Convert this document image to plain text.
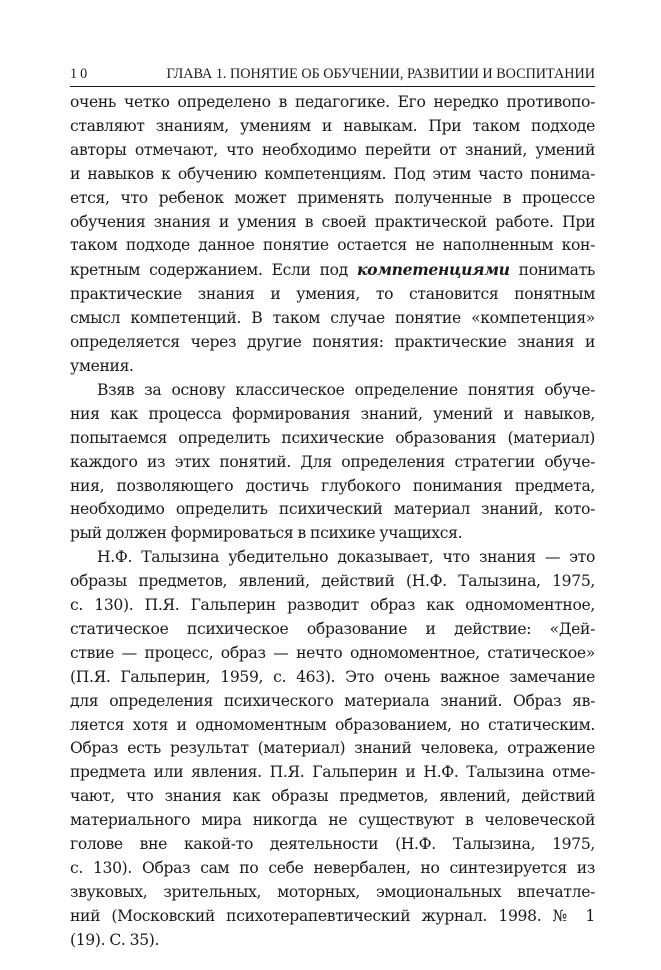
10	ГЛАВА 1. ПОНЯТИЕ ОБ ОБУЧЕНИИ, РАЗВИТИИ И ВОСПИТАНИИ
очень четко определено в педагогике. Его нередко противопо-
ставляют знаниям, умениям и навыкам. При таком подходе
авторы отмечают, что необходимо перейти от знаний, умений
и навыков к обучению компетенциям. Под этим часто понима-
ется, что ребенок может применять полученные в процессе
обучения знания и умения в своей практической работе. При
таком подходе данное понятие остается не наполненным кон-
кретным содержанием. Если под компетенциями понимать
практические знания и умения, то становится понятным
смысл компетенций. В таком случае понятие «компетенция»
определяется через другие понятия: практические знания и
умения.
Взяв за основу классическое определение понятия обуче-
ния как процесса формирования знаний, умений и навыков,
попытаемся определить психические образования (материал)
каждого из этих понятий. Для определения стратегии обуче-
ния, позволяющего достичь глубокого понимания предмета,
необходимо определить психический материал знаний, кото-
рый должен формироваться в психике учащихся.
Н.Ф. Талызина убедительно доказывает, что знания — это
образы предметов, явлений, действий (Н.Ф. Талызина, 1975,
с. 130). П.Я. Гальперин разводит образ как одномоментное,
статическое психическое образование и действие: «Дей-
ствие — процесс, образ — нечто одномоментное, статическое»
(П.Я. Гальперин, 1959, с. 463). Это очень важное замечание
для определения психического материала знаний. Образ яв-
ляется хотя и одномоментным образованием, но статическим.
Образ есть результат (материал) знаний человека, отражение
предмета или явления. П.Я. Гальперин и Н.Ф. Талызина отме-
чают, что знания как образы предметов, явлений, действий
материального мира никогда не существуют в человеческой
голове вне какой-то деятельности (Н.Ф. Талызина, 1975,
с. 130). Образ сам по себе невербален, но синтезируется из
звуковых, зрительных, моторных, эмоциональных впечатле-
ний (Московский психотерапевтический журнал. 1998. № 1
(19). С. 35).
